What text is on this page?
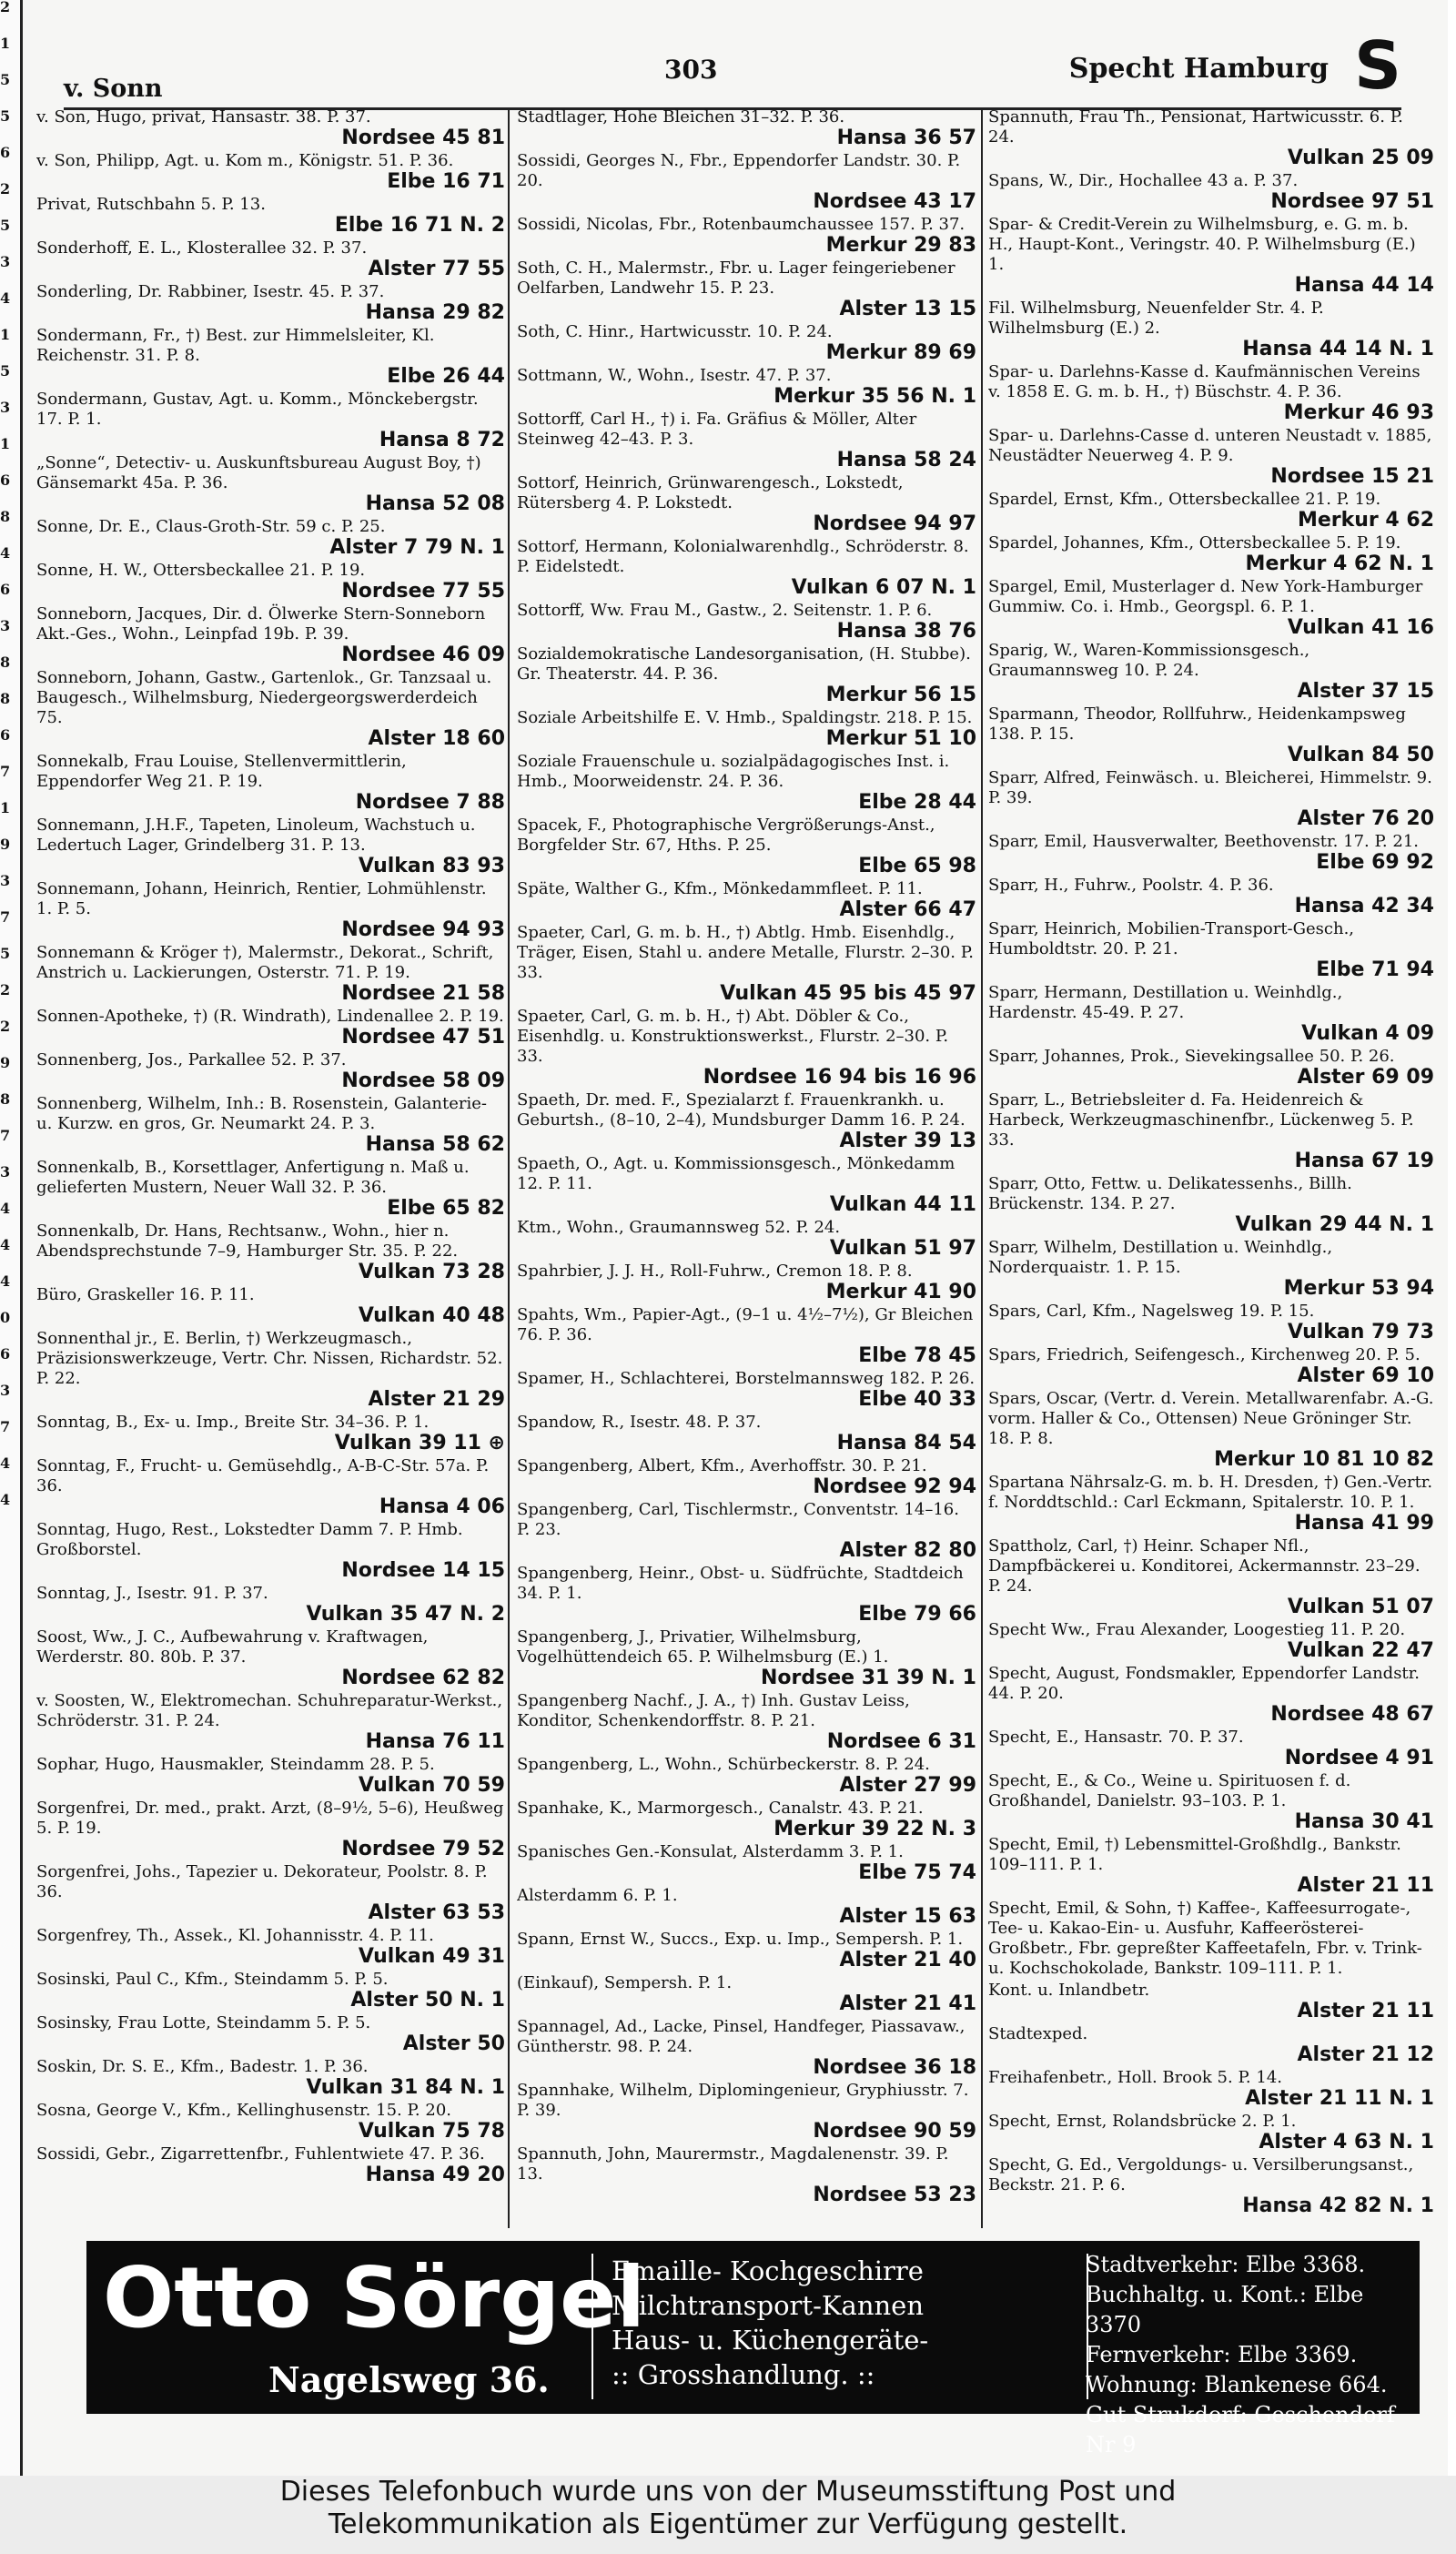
2
1
5
5
6
2
5
3
4
1
5
3
1
6
8
4
6
3
8
8
6
7
1
9
3
7
5
2
2
9
8
7
3
4
4
4
0
6
3
7
4
4
v. Sonn
303	Specht Hamburg S
v. Son, Hugo, privat, Hansastr. 38. P. 37.
Nordsee 45 81
v. Son, Philipp, Agt. u. Kom m., Königstr. 51. P. 36.
Elbe 16 71
Privat, Rutschbahn 5. P. 13.
Elbe 16 71 N. 2
Sonderhoff, E. L., Klosterallee 32. P. 37.
Alster 77 55
Sonderling, Dr. Rabbiner, Isestr. 45. P. 37.
Hansa 29 82
Sondermann, Fr., †) Best. zur Himmelsleiter, Kl. Reichenstr. 31. P. 8.
Elbe 26 44
Sondermann, Gustav, Agt. u. Komm., Mönckebergstr. 17. P. 1.
Hansa 8 72
„Sonne“, Detectiv- u. Auskunftsbureau August Boy, †) Gänsemarkt 45a. P. 36.
Hansa 52 08
Sonne, Dr. E., Claus-Groth-Str. 59 c. P. 25.
Alster 7 79 N. 1
Sonne, H. W., Ottersbeckallee 21. P. 19.
Nordsee 77 55
Sonneborn, Jacques, Dir. d. Ölwerke Stern-Sonneborn Akt.-Ges., Wohn., Leinpfad 19b. P. 39.
Nordsee 46 09
Sonneborn, Johann, Gastw., Gartenlok., Gr. Tanzsaal u. Baugesch., Wilhelmsburg, Niedergeorgswerderdeich 75.
Alster 18 60
Sonnekalb, Frau Louise, Stellenvermittlerin, Eppendorfer Weg 21. P. 19.
Nordsee 7 88
Sonnemann, J.H.F., Tapeten, Linoleum, Wachstuch u. Ledertuch Lager, Grindelberg 31. P. 13.
Vulkan 83 93
Sonnemann, Johann, Heinrich, Rentier, Lohmühlenstr. 1. P. 5.
Nordsee 94 93
Sonnemann & Kröger †), Malermstr., Dekorat., Schrift, Anstrich u. Lackierungen, Osterstr. 71. P. 19.
Nordsee 21 58
Sonnen-Apotheke, †) (R. Windrath), Lindenallee 2. P. 19.
Nordsee 47 51
Sonnenberg, Jos., Parkallee 52. P. 37.
Nordsee 58 09
Sonnenberg, Wilhelm, Inh.: B. Rosenstein, Galanterie- u. Kurzw. en gros, Gr. Neumarkt 24. P. 3.
Hansa 58 62
Sonnenkalb, B., Korsettlager, Anfertigung n. Maß u. gelieferten Mustern, Neuer Wall 32. P. 36.
Elbe 65 82
Sonnenkalb, Dr. Hans, Rechtsanw., Wohn., hier n. Abendsprechstunde 7–9, Hamburger Str. 35. P. 22.
Vulkan 73 28
Büro, Graskeller 16. P. 11.
Vulkan 40 48
Sonnenthal jr., E. Berlin, †) Werkzeugmasch., Präzisionswerkzeuge, Vertr. Chr. Nissen, Richardstr. 52. P. 22.
Alster 21 29
Sonntag, B., Ex- u. Imp., Breite Str. 34–36. P. 1.
Vulkan 39 11 ⊕
Sonntag, F., Frucht- u. Gemüsehdlg., A-B-C-Str. 57a. P. 36.
Hansa 4 06
Sonntag, Hugo, Rest., Lokstedter Damm 7. P. Hmb. Großborstel.
Nordsee 14 15
Sonntag, J., Isestr. 91. P. 37.
Vulkan 35 47 N. 2
Soost, Ww., J. C., Aufbewahrung v. Kraftwagen, Werderstr. 80. 80b. P. 37.
Nordsee 62 82
v. Soosten, W., Elektromechan. Schuhreparatur-Werkst., Schröderstr. 31. P. 24.
Hansa 76 11
Sophar, Hugo, Hausmakler, Steindamm 28. P. 5.
Vulkan 70 59
Sorgenfrei, Dr. med., prakt. Arzt, (8–9½, 5–6), Heußweg 5. P. 19.
Nordsee 79 52
Sorgenfrei, Johs., Tapezier u. Dekorateur, Poolstr. 8. P. 36.
Alster 63 53
Sorgenfrey, Th., Assek., Kl. Johannisstr. 4. P. 11.
Vulkan 49 31
Sosinski, Paul C., Kfm., Steindamm 5. P. 5.
Alster 50 N. 1
Sosinsky, Frau Lotte, Steindamm 5. P. 5.
Alster 50
Soskin, Dr. S. E., Kfm., Badestr. 1. P. 36.
Vulkan 31 84 N. 1
Sosna, George V., Kfm., Kellinghusenstr. 15. P. 20.
Vulkan 75 78
Sossidi, Gebr., Zigarrettenfbr., Fuhlentwiete 47. P. 36.
Hansa 49 20
Stadtlager, Hohe Bleichen 31–32. P. 36.
Hansa 36 57
Sossidi, Georges N., Fbr., Eppendorfer Landstr. 30. P. 20.
Nordsee 43 17
Sossidi, Nicolas, Fbr., Rotenbaumchaussee 157. P. 37.
Merkur 29 83
Soth, C. H., Malermstr., Fbr. u. Lager feingeriebener Oelfarben, Landwehr 15. P. 23.
Alster 13 15
Soth, C. Hinr., Hartwicusstr. 10. P. 24.
Merkur 89 69
Sottmann, W., Wohn., Isestr. 47. P. 37.
Merkur 35 56 N. 1
Sottorff, Carl H., †) i. Fa. Gräfius & Möller, Alter Steinweg 42–43. P. 3.
Hansa 58 24
Sottorf, Heinrich, Grünwarengesch., Lokstedt, Rütersberg 4. P. Lokstedt.
Nordsee 94 97
Sottorf, Hermann, Kolonialwarenhdlg., Schröderstr. 8. P. Eidelstedt.
Vulkan 6 07 N. 1
Sottorff, Ww. Frau M., Gastw., 2. Seitenstr. 1. P. 6.
Hansa 38 76
Sozialdemokratische Landesorganisation, (H. Stubbe). Gr. Theaterstr. 44. P. 36.
Merkur 56 15
Soziale Arbeitshilfe E. V. Hmb., Spaldingstr. 218. P. 15.
Merkur 51 10
Soziale Frauenschule u. sozialpädagogisches Inst. i. Hmb., Moorweidenstr. 24. P. 36.
Elbe 28 44
Spacek, F., Photographische Vergrößerungs-Anst., Borgfelder Str. 67, Hths. P. 25.
Elbe 65 98
Späte, Walther G., Kfm., Mönkedammfleet. P. 11.
Alster 66 47
Spaeter, Carl, G. m. b. H., †) Abtlg. Hmb. Eisenhdlg., Träger, Eisen, Stahl u. andere Metalle, Flurstr. 2–30. P. 33.
Vulkan 45 95 bis 45 97
Spaeter, Carl, G. m. b. H., †) Abt. Döbler & Co., Eisenhdlg. u. Konstruktionswerkst., Flurstr. 2–30. P. 33.
Nordsee 16 94 bis 16 96
Spaeth, Dr. med. F., Spezialarzt f. Frauenkrankh. u. Geburtsh., (8–10, 2–4), Mundsburger Damm 16. P. 24.
Alster 39 13
Spaeth, O., Agt. u. Kommissionsgesch., Mönkedamm 12. P. 11.
Vulkan 44 11
Ktm., Wohn., Graumannsweg 52. P. 24.
Vulkan 51 97
Spahrbier, J. J. H., Roll-Fuhrw., Cremon 18. P. 8.
Merkur 41 90
Spahts, Wm., Papier-Agt., (9–1 u. 4½–7½), Gr Bleichen 76. P. 36.
Elbe 78 45
Spamer, H., Schlachterei, Borstelmannsweg 182. P. 26.
Elbe 40 33
Spandow, R., Isestr. 48. P. 37.
Hansa 84 54
Spangenberg, Albert, Kfm., Averhoffstr. 30. P. 21.
Nordsee 92 94
Spangenberg, Carl, Tischlermstr., Conventstr. 14–16. P. 23.
Alster 82 80
Spangenberg, Heinr., Obst- u. Südfrüchte, Stadtdeich 34. P. 1.
Elbe 79 66
Spangenberg, J., Privatier, Wilhelmsburg, Vogelhüttendeich 65. P. Wilhelmsburg (E.) 1.
Nordsee 31 39 N. 1
Spangenberg Nachf., J. A., †) Inh. Gustav Leiss, Konditor, Schenkendorffstr. 8. P. 21.
Nordsee 6 31
Spangenberg, L., Wohn., Schürbeckerstr. 8. P. 24.
Alster 27 99
Spanhake, K., Marmorgesch., Canalstr. 43. P. 21.
Merkur 39 22 N. 3
Spanisches Gen.-Konsulat, Alsterdamm 3. P. 1.
Elbe 75 74
Alsterdamm 6. P. 1.
Alster 15 63
Spann, Ernst W., Succs., Exp. u. Imp., Sempersh. P. 1.
Alster 21 40
(Einkauf), Sempersh. P. 1.
Alster 21 41
Spannagel, Ad., Lacke, Pinsel, Handfeger, Piassavaw., Güntherstr. 98. P. 24.
Nordsee 36 18
Spannhake, Wilhelm, Diplomingenieur, Gryphiusstr. 7. P. 39.
Nordsee 90 59
Spannuth, John, Maurermstr., Magdalenenstr. 39. P. 13.
Nordsee 53 23
Spannuth, Frau Th., Pensionat, Hartwicusstr. 6. P. 24.
Vulkan 25 09
Spans, W., Dir., Hochallee 43 a. P. 37.
Nordsee 97 51
Spar- & Credit-Verein zu Wilhelmsburg, e. G. m. b. H., Haupt-Kont., Veringstr. 40. P. Wilhelmsburg (E.) 1.
Hansa 44 14
Fil. Wilhelmsburg, Neuenfelder Str. 4. P. Wilhelmsburg (E.) 2.
Hansa 44 14 N. 1
Spar- u. Darlehns-Kasse d. Kaufmännischen Vereins v. 1858 E. G. m. b. H., †) Büschstr. 4. P. 36.
Merkur 46 93
Spar- u. Darlehns-Casse d. unteren Neustadt v. 1885, Neustädter Neuerweg 4. P. 9.
Nordsee 15 21
Spardel, Ernst, Kfm., Ottersbeckallee 21. P. 19.
Merkur 4 62
Spardel, Johannes, Kfm., Ottersbeckallee 5. P. 19.
Merkur 4 62 N. 1
Spargel, Emil, Musterlager d. New York-Hamburger Gummiw. Co. i. Hmb., Georgspl. 6. P. 1.
Vulkan 41 16
Sparig, W., Waren-Kommissionsgesch., Graumannsweg 10. P. 24.
Alster 37 15
Sparmann, Theodor, Rollfuhrw., Heidenkampsweg 138. P. 15.
Vulkan 84 50
Sparr, Alfred, Feinwäsch. u. Bleicherei, Himmelstr. 9. P. 39.
Alster 76 20
Sparr, Emil, Hausverwalter, Beethovenstr. 17. P. 21.
Elbe 69 92
Sparr, H., Fuhrw., Poolstr. 4. P. 36.
Hansa 42 34
Sparr, Heinrich, Mobilien-Transport-Gesch., Humboldtstr. 20. P. 21.
Elbe 71 94
Sparr, Hermann, Destillation u. Weinhdlg., Hardenstr. 45-49. P. 27.
Vulkan 4 09
Sparr, Johannes, Prok., Sievekingsallee 50. P. 26.
Alster 69 09
Sparr, L., Betriebsleiter d. Fa. Heidenreich & Harbeck, Werkzeugmaschinenfbr., Lückenweg 5. P. 33.
Hansa 67 19
Sparr, Otto, Fettw. u. Delikatessenhs., Billh. Brückenstr. 134. P. 27.
Vulkan 29 44 N. 1
Sparr, Wilhelm, Destillation u. Weinhdlg., Norderquaistr. 1. P. 15.
Merkur 53 94
Spars, Carl, Kfm., Nagelsweg 19. P. 15.
Vulkan 79 73
Spars, Friedrich, Seifengesch., Kirchenweg 20. P. 5.
Alster 69 10
Spars, Oscar, (Vertr. d. Verein. Metallwarenfabr. A.-G. vorm. Haller & Co., Ottensen) Neue Gröninger Str. 18. P. 8.
Merkur 10 81 10 82
Spartana Nährsalz-G. m. b. H. Dresden, †) Gen.-Vertr. f. Norddtschld.: Carl Eckmann, Spitalerstr. 10. P. 1.
Hansa 41 99
Spattholz, Carl, †) Heinr. Schaper Nfl., Dampfbäckerei u. Konditorei, Ackermannstr. 23–29. P. 24.
Vulkan 51 07
Specht Ww., Frau Alexander, Loogestieg 11. P. 20.
Vulkan 22 47
Specht, August, Fondsmakler, Eppendorfer Landstr. 44. P. 20.
Nordsee 48 67
Specht, E., Hansastr. 70. P. 37.
Nordsee 4 91
Specht, E., & Co., Weine u. Spirituosen f. d. Großhandel, Danielstr. 93–103. P. 1.
Hansa 30 41
Specht, Emil, †) Lebensmittel-Großhdlg., Bankstr. 109–111. P. 1.
Alster 21 11
Specht, Emil, & Sohn, †) Kaffee-, Kaffeesurrogate-, Tee- u. Kakao-Ein- u. Ausfuhr, Kaffeerösterei-Großbetr., Fbr. gepreßter Kaffeetafeln, Fbr. v. Trink- u. Kochschokolade, Bankstr. 109–111. P. 1.
Kont. u. Inlandbetr.
Alster 21 11
Stadtexped.
Alster 21 12
Freihafenbetr., Holl. Brook 5. P. 14.
Alster 21 11 N. 1
Specht, Ernst, Rolandsbrücke 2. P. 1.
Alster 4 63 N. 1
Specht, G. Ed., Vergoldungs- u. Versilberungsanst., Beckstr. 21. P. 6.
Hansa 42 82 N. 1
Otto Sörgel
Nagelsweg 36.
Emaille- Kochgeschirre
Milchtransport-Kannen
Haus- u. Küchengeräte-
:: Grosshandlung. ::
Stadtverkehr: Elbe 3368.
Buchhaltg. u. Kont.: Elbe 3370
Fernverkehr: Elbe 3369.
Wohnung: Blankenese 664.
Gut Strukdorf: Geschendorf Nr 9
Dieses Telefonbuch wurde uns von der Museumsstiftung Post und
Telekommunikation als Eigentümer zur Verfügung gestellt.
